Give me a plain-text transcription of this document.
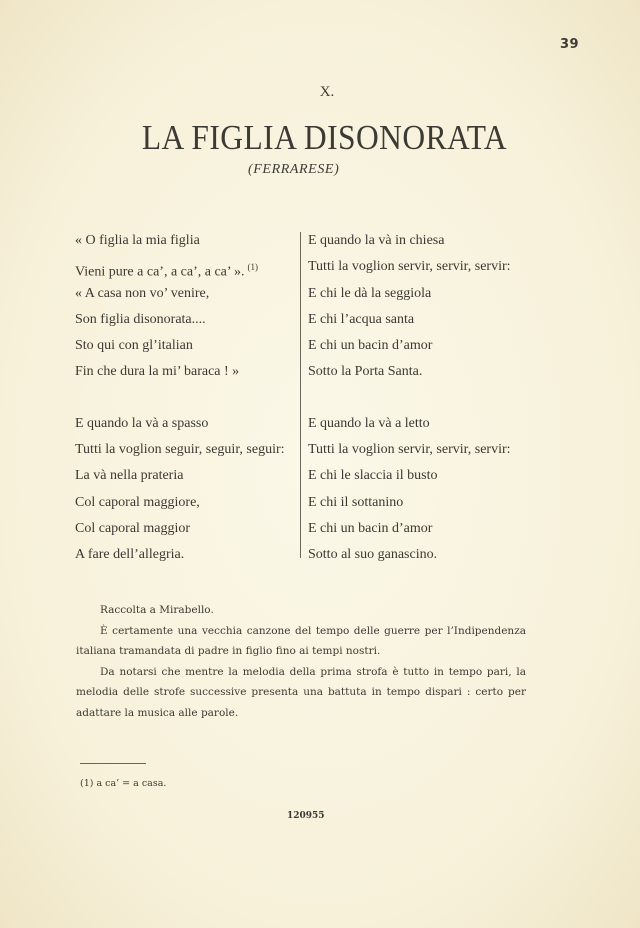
39
X.
LA FIGLIA DISONORATA
(FERRARESE)
« O figlia la mia figlia
Vieni pure a ca’, a ca’, a ca’ ». $^{(1)}$
« A casa non vo’ venire,
Son figlia disonorata....
Sto qui con gl’italian
Fin che dura la mi’ baraca ! »
E quando la và a spasso
Tutti la voglion seguir, seguir, seguir:
La và nella prateria
Col caporal maggiore,
Col caporal maggior
A fare dell’allegria.
E quando la và in chiesa
Tutti la voglion servir, servir, servir:
E chi le dà la seggiola
E chi l’acqua santa
E chi un bacin d’amor
Sotto la Porta Santa.
E quando la và a letto
Tutti la voglion servir, servir, servir:
E chi le slaccia il busto
E chi il sottanino
E chi un bacin d’amor
Sotto al suo ganascino.

Raccolta a Mirabello.

È certamente una vecchia canzone del tempo delle guerre per l’Indipendenza italiana tramandata di padre in figlio fino ai tempi nostri.

Da notarsi che mentre la melodia della prima strofa è tutto in tempo pari, la melodia delle strofe successive presenta una battuta in tempo dispari : certo per adattare la musica alle parole.

(1) a ca’ = a casa.
120955
